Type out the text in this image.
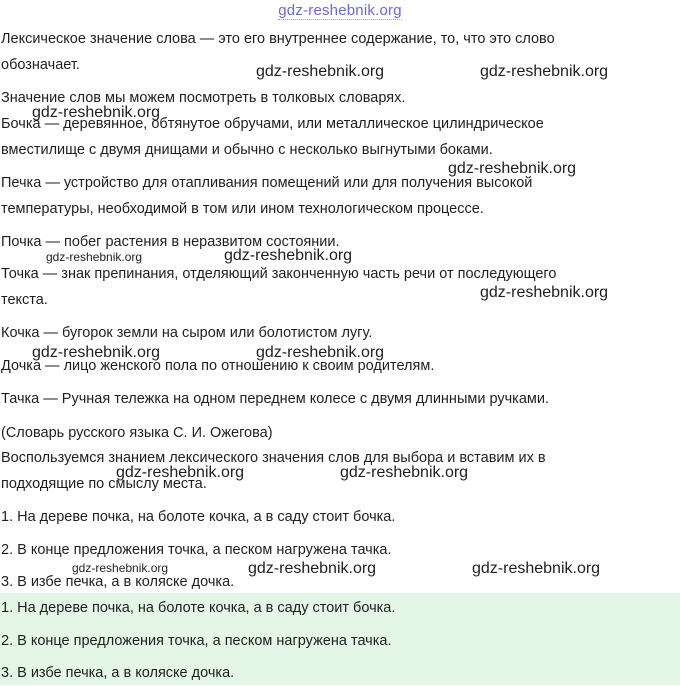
gdz-reshebnik.org

Лексическое значение слова — это его внутреннее содержание, то, что это слово

обозначает.

Значение слов мы можем посмотреть в толковых словарях.

Бочка — деревянное, обтянутое обручами, или металлическое цилиндрическое

вместилище с двумя днищами и обычно с несколько выгнутыми боками.

Печка — устройство для отапливания помещений или для получения высокой

температуры, необходимой в том или ином технологическом процессе.

Почка — побег растения в неразвитом состоянии.

Точка — знак препинания, отделяющий законченную часть речи от последующего

текста.

Кочка — бугорок земли на сыром или болотистом лугу.

Дочка — лицо женского пола по отношению к своим родителям.

Тачка — Ручная тележка на одном переднем колесе с двумя длинными ручками.

(Словарь русского языка С. И. Ожегова)

Воспользуемся знанием лексического значения слов для выбора и вставим их в

подходящие по смыслу места.

1. На дереве почка, на болоте кочка, а в саду стоит бочка.

2. В конце предложения точка, а песком нагружена тачка.

3. В избе печка, а в коляске дочка.

1. На дереве почка, на болоте кочка, а в саду стоит бочка.

2. В конце предложения точка, а песком нагружена тачка.

3. В избе печка, а в коляске дочка.

gdz-reshebnik.org	gdz-reshebnik.org
gdz-reshebnik.org
gdz-reshebnik.org
gdz-reshebnik.org	gdz-reshebnik.org
gdz-reshebnik.org
gdz-reshebnik.org	gdz-reshebnik.org
gdz-reshebnik.org	gdz-reshebnik.org
gdz-reshebnik.org	gdz-reshebnik.org	gdz-reshebnik.org
